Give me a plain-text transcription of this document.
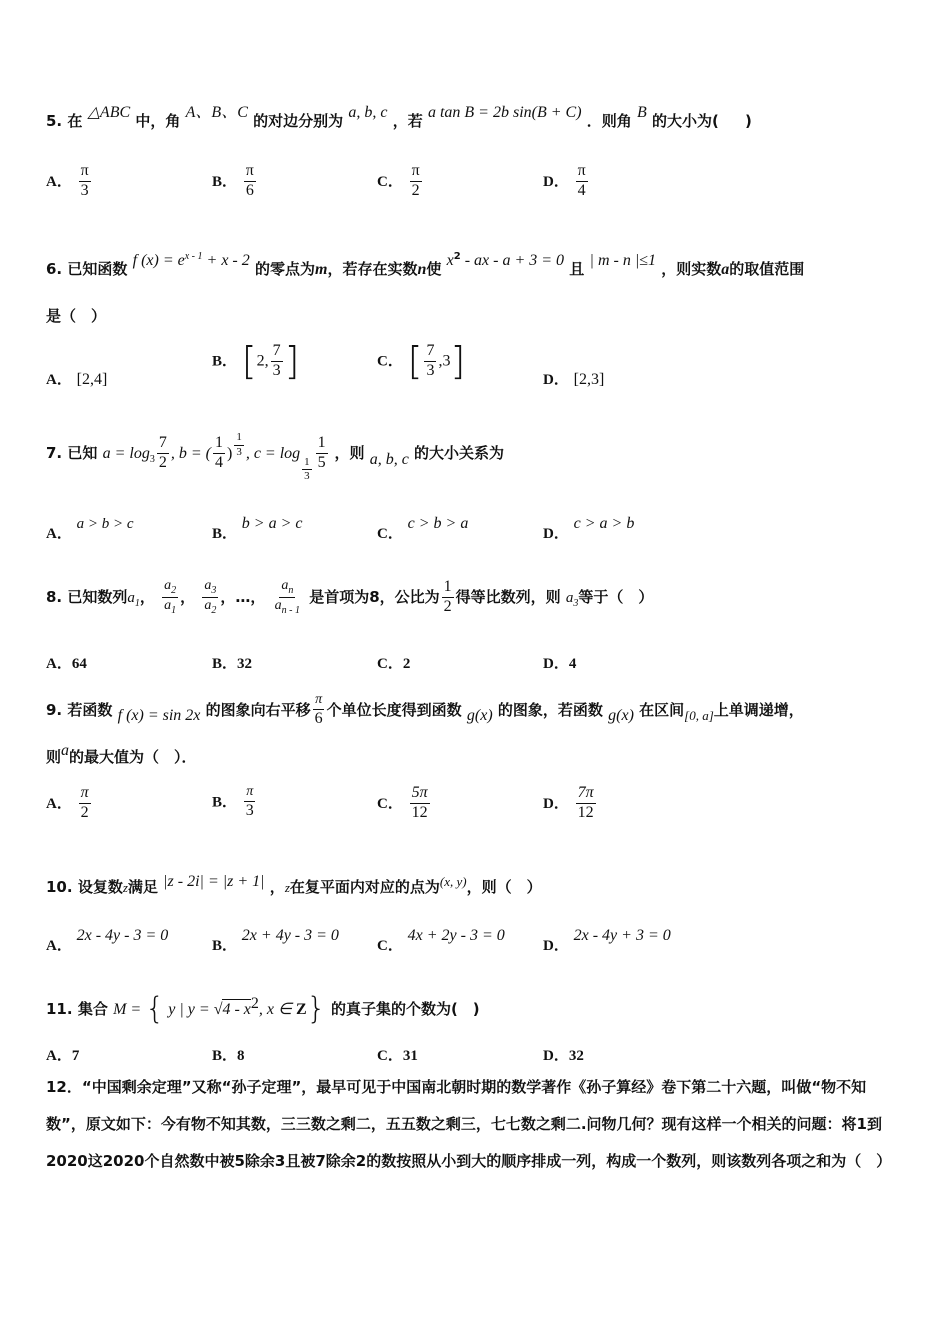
5. 在 △ABC 中，角 A、B、C 的对边分别为 a, b, c ，若 a tan B = 2b sin(B + C) ．则角 B 的大小为( )
A． $\frac{\pi}{3}$	B． $\frac{\pi}{6}$	C． $\frac{\pi}{2}$	D． $\frac{\pi}{4}$
6. 已知函数 f $(x) = e^{x - 1} + x - 2$ 的零点为m，若存在实数n使 $x^2$ - ax - a + 3 = 0 且 | m - n |≤1 ，则实数a的取值范围
是（　）
A． [2,4]
B． [2, $\frac{7}{3}$ ]	C． [ $\frac{7}{3} ,3$]	D． [2,3]
7. 已知 $a = \log_3 \frac{7}{2}$ , b = ( $\frac{1}{4}$ ) $\frac{1}{3}$ , c = log
$\frac{1}{3} \frac{1}{5}$ ，则 a, b, c 的大小关系为
A． a > b > c
B． b > a > c
C． c > b > a
D． c > a > b
8. 已知数列$a_1$， $\frac{a_2}{a_1}$ ， $\frac{a_3}{a_2}$ ，…， $\frac{a_n}{a_{n - 1}}$ 是首项为8，公比为 $\frac{1}{2}$ 得等比数列，则 $a_3$等于（　）
A．64	B．32	C．2	D．4
9. 若函数 f (x) = sin 2x 的图象向右平移 $\frac{\pi}{6}$ 个单位长度得到函数 g(x) 的图象，若函数 g(x) 在区间[0, a]上单调递增，
则a的最大值为（　）．
A． $\frac{\pi}{2}$	B． $\frac{\pi}{3}$	C． $\frac{5\pi}{12}$	D． $\frac{7\pi}{12}$
10. 设复数z满足 |z - 2i| = |z + 1| ，z在复平面内对应的点为(x, y)，则（　）
A． 2x - 4y - 3 = 0
B． 2x + 4y - 3 = 0
C． 4x + 2y - 3 = 0
D． 2x - 4y + 3 = 0
11. 集合 M = { y | $y = √4 - x^2$, x ∈ Z} 的真子集的个数为(　)
A．7	B．8	C．31	D．32
12．“中国剩余定理”又称“孙子定理”，最早可见于中国南北朝时期的数学著作《孙子算经》卷下第二十六题，叫做“物不知数”，原文如下：今有物不知其数，三三数之剩二，五五数之剩三，七七数之剩二.问物几何？现有这样一个相关的问题：将1到2020这2020个自然数中被5除余3且被7除余2的数按照从小到大的顺序排成一列，构成一个数列，则该数列各项之和为（　）
